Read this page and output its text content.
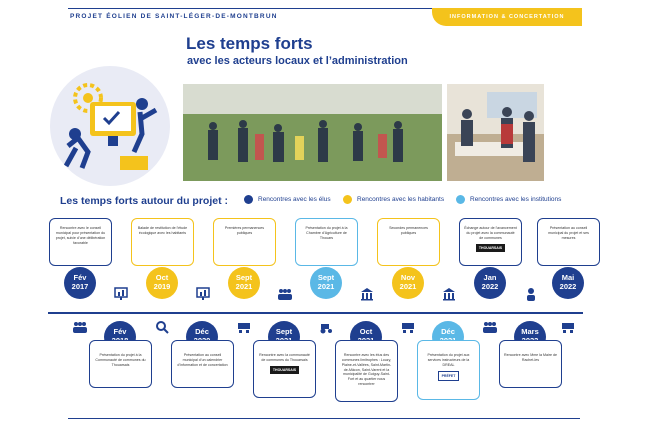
PROJET ÉOLIEN DE SAINT-LÉGER-DE-MONTBRUN	INFORMATION & CONCERTATION
Les temps forts
avec les acteurs locaux et l’administration
Les temps forts autour du projet :	Rencontres avec les élus	Rencontres avec les habitants	Rencontres avec les institutions
Rencontre avec le conseil municipal pour présentation du projet, suivie d’une délibération favorable
Fév
2017
Balade de restitution de l’étude écologique avec les habitants
Oct
2019
Premières permanences publiques
Sept
2021
Présentation du projet à la Chambre d’Agriculture de Thouars
Sept
2021
Secondes permanences publiques
Nov
2021
Échange autour de l’avancement du projet avec la communauté de communes
THOUARSAIS
Jan
2022
Présentation au conseil municipal du projet et ses mesures
Mai
2022
Fév
Présentation du projet à la Communauté de communes du Thouarsais
Déc
Présentation au conseil municipal d’un calendrier d’information et de concertation
Sept
Rencontre avec la communauté de communes du Thouarsais
THOUARSAIS
Oct
Rencontre avec les élus des communes limitrophes : Louzy, Plaine-et-Vallées, Saint-Martin-de-Mâcon, Saint-Varent et la municipalité de Guiguy-Saint-Fort et au quartier nous rencontrer
Déc
Présentation du projet aux services instructeurs de la DREAL
PRÉFET
Mars
Rencontre avec Mme la Maire de Rachet-les
